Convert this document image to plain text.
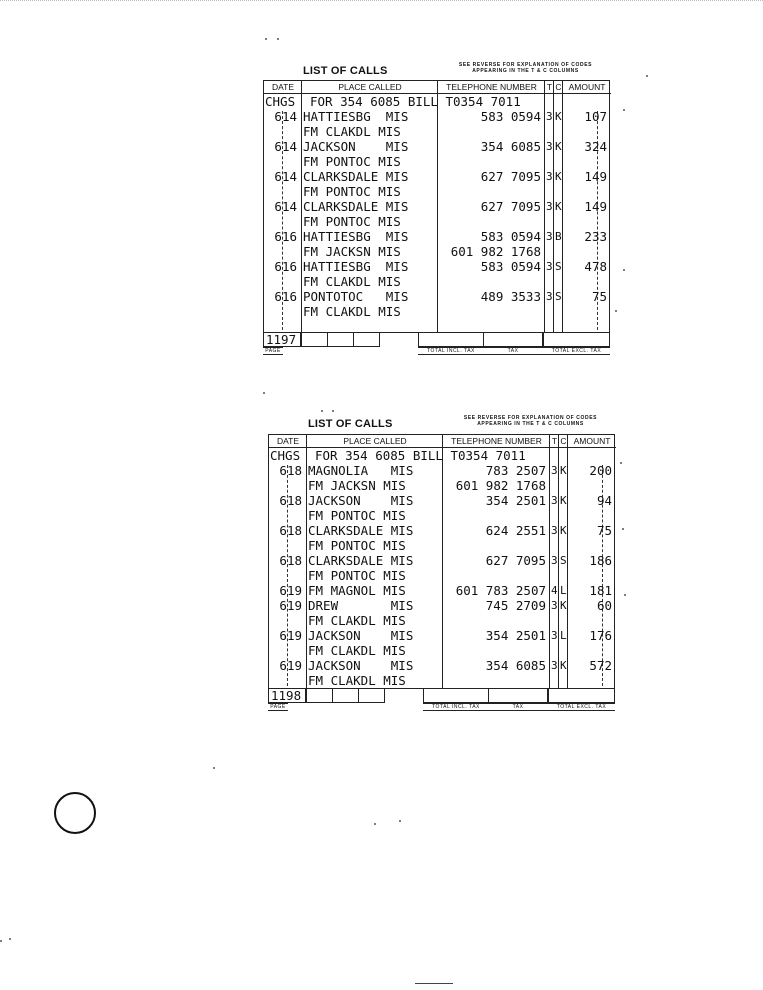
LIST OF CALLS	SEE REVERSE FOR EXPLANATION OF CODES
APPEARING IN THE T & C COLUMNS
DATE	PLACE CALLED	TELEPHONE NUMBER	T C AMOUNT
CHGS FOR 354 6085 BILL T0354 7011
614 HATTIESBG  MIS	583 0594 3 K 107
FM CLAKDL MIS
614 JACKSON    MIS	354 6085 3 K 324
FM PONTOC MIS
614 CLARKSDALE MIS	627 7095 3 K 149
FM PONTOC MIS
614 CLARKSDALE MIS	627 7095 3 K 149
FM PONTOC MIS
616 HATTIESBG  MIS	583 0594 3 B 233
FM JACKSN MIS	601 982 1768
616 HATTIESBG  MIS	583 0594 3 S 478
FM CLAKDL MIS
616 PONTOTOC   MIS	489 3533 3 S 75
FM CLAKDL MIS
1197
PAGE	TOTAL INCL. TAX	TAX	TOTAL EXCL. TAX
LIST OF CALLS	SEE REVERSE FOR EXPLANATION OF CODES
APPEARING IN THE T & C COLUMNS
DATE	PLACE CALLED	TELEPHONE NUMBER	T C AMOUNT
CHGS FOR 354 6085 BILL T0354 7011
618 MAGNOLIA   MIS	783 2507 3 K 200
FM JACKSN MIS	601 982 1768
618 JACKSON    MIS	354 2501 3 K 94
FM PONTOC MIS
618 CLARKSDALE MIS	624 2551 3 K 75
FM PONTOC MIS
618 CLARKSDALE MIS	627 7095 3 S 186
FM PONTOC MIS
619 FM MAGNOL MIS	601 783 2507 4 L 181
619 DREW       MIS	745 2709 3 K 60
FM CLAKDL MIS
619 JACKSON    MIS	354 2501 3 L 176
FM CLAKDL MIS
619 JACKSON    MIS	354 6085 3 K 572
FM CLAKDL MIS
1198
PAGE	TOTAL INCL. TAX	TAX	TOTAL EXCL. TAX
